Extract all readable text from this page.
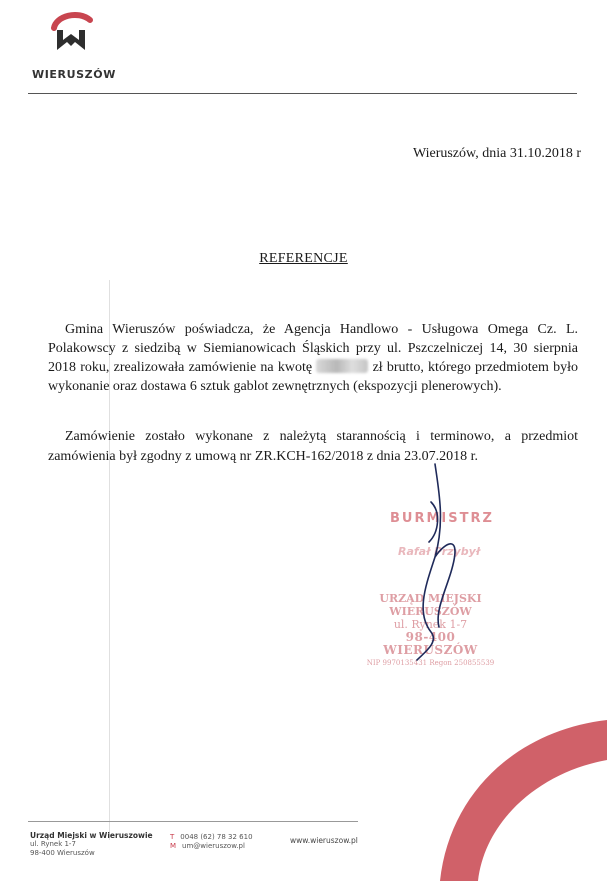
WIERUSZÓW
Wieruszów, dnia 31.10.2018 r
REFERENCJE
Gmina Wieruszów poświadcza, że Agencja Handlowo - Usługowa Omega Cz. L. Polakowscy z siedzibą w Siemianowicach Śląskich przy ul. Pszczelniczej 14, 30 sierpnia 2018 roku, zrealizowała zamówienie na kwotę	zł brutto, którego przedmiotem było wykonanie oraz dostawa 6 sztuk gablot zewnętrznych (ekspozycji plenerowych).
Zamówienie zostało wykonane z należytą starannością i terminowo, a przedmiot zamówienia był zgodny z umową nr ZR.KCH-162/2018 z dnia 23.07.2018 r.
BURMISTRZ
Rafał Przybył
URZĄD MIEJSKI WIERUSZÓW
ul. Rynek 1-7
98-400 WIERUSZÓW
NIP 9970135431 Regon 250855539
Urząd Miejski w Wieruszowie
ul. Rynek 1-7
98-400 Wieruszów
T 0048 (62) 78 32 610
M um@wieruszow.pl
www.wieruszow.pl
